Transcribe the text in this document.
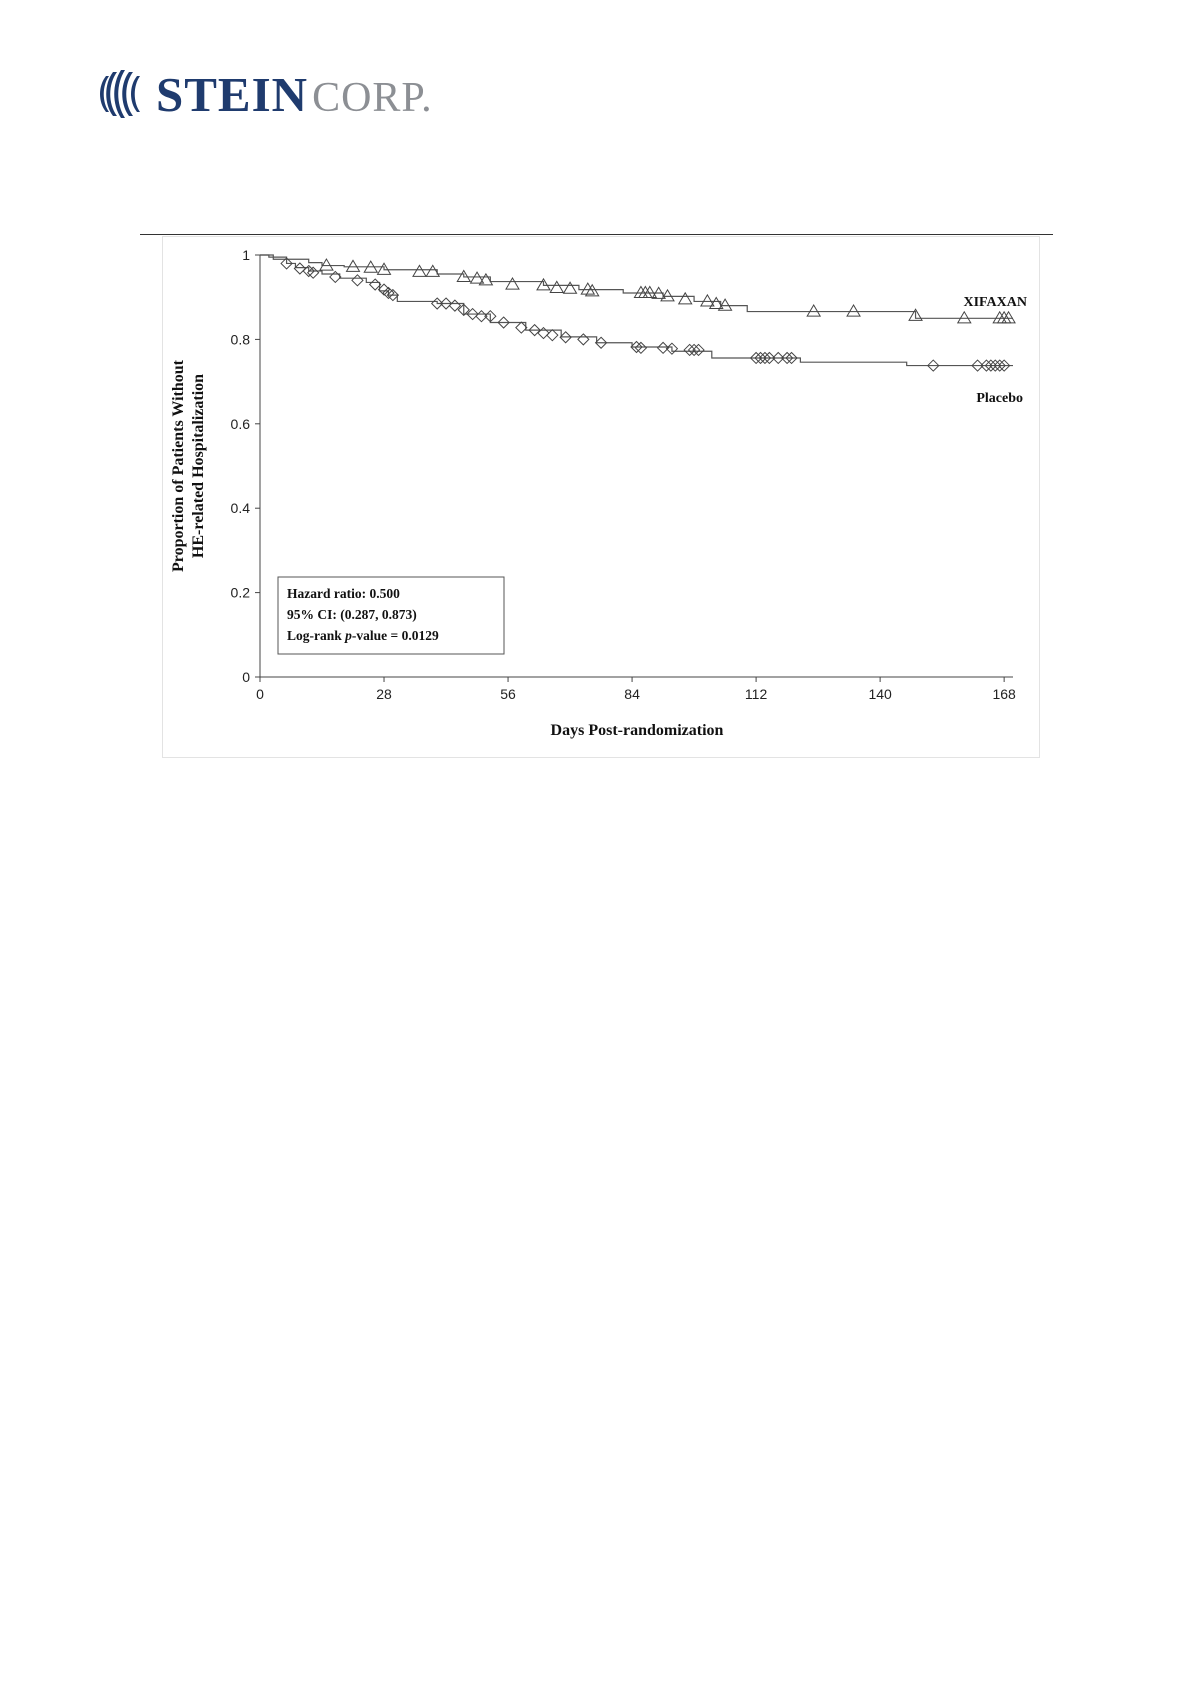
STEIN CORP.
0	28	56	84	112	140	168
0
0.2
0.4
0.6
0.8
1
Proportion of Patients Without HE-related Hospitalization
Days Post-randomization
XIFAXAN
Placebo
Hazard ratio: 0.500
95% CI: (0.287, 0.873)
Log-rank p-value = 0.0129
